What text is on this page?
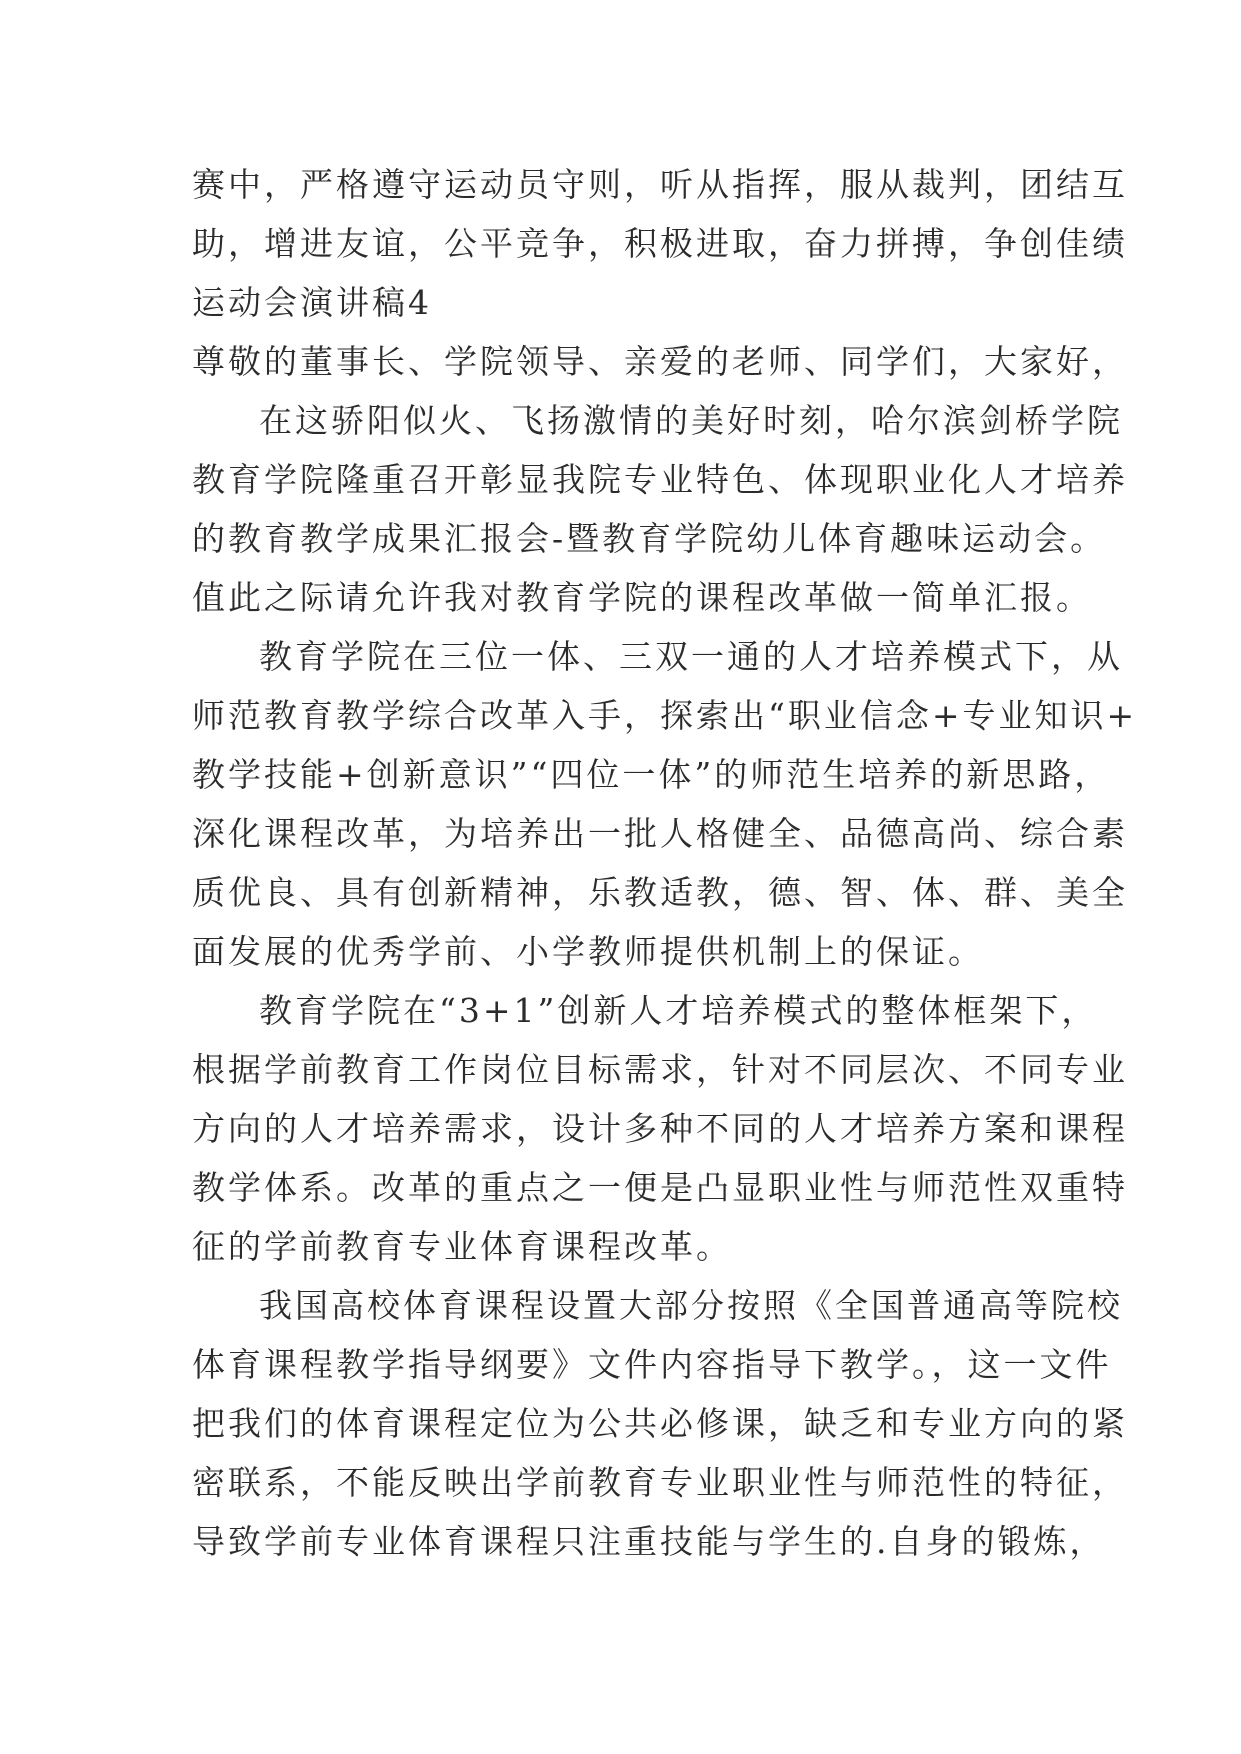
赛中，严格遵守运动员守则，听从指挥，服从裁判，团结互

助，增进友谊，公平竞争，积极进取，奋力拼搏，争创佳绩

运动会演讲稿4

尊敬的董事长、学院领导、亲爱的老师、同学们，大家好，

在这骄阳似火、飞扬激情的美好时刻，哈尔滨剑桥学院

教育学院隆重召开彰显我院专业特色、体现职业化人才培养

的教育教学成果汇报会-暨教育学院幼儿体育趣味运动会。

值此之际请允许我对教育学院的课程改革做一简单汇报。

教育学院在三位一体、三双一通的人才培养模式下，从

师范教育教学综合改革入手，探索出“职业信念+专业知识+

教学技能+创新意识”“四位一体”的师范生培养的新思路，

深化课程改革，为培养出一批人格健全、品德高尚、综合素

质优良、具有创新精神，乐教适教，德、智、体、群、美全

面发展的优秀学前、小学教师提供机制上的保证。

教育学院在“3+1”创新人才培养模式的整体框架下，

根据学前教育工作岗位目标需求，针对不同层次、不同专业

方向的人才培养需求，设计多种不同的人才培养方案和课程

教学体系。改革的重点之一便是凸显职业性与师范性双重特

征的学前教育专业体育课程改革。

我国高校体育课程设置大部分按照《全国普通高等院校

体育课程教学指导纲要》文件内容指导下教学。，这一文件

把我们的体育课程定位为公共必修课，缺乏和专业方向的紧

密联系，不能反映出学前教育专业职业性与师范性的特征，

导致学前专业体育课程只注重技能与学生的.自身的锻炼，
